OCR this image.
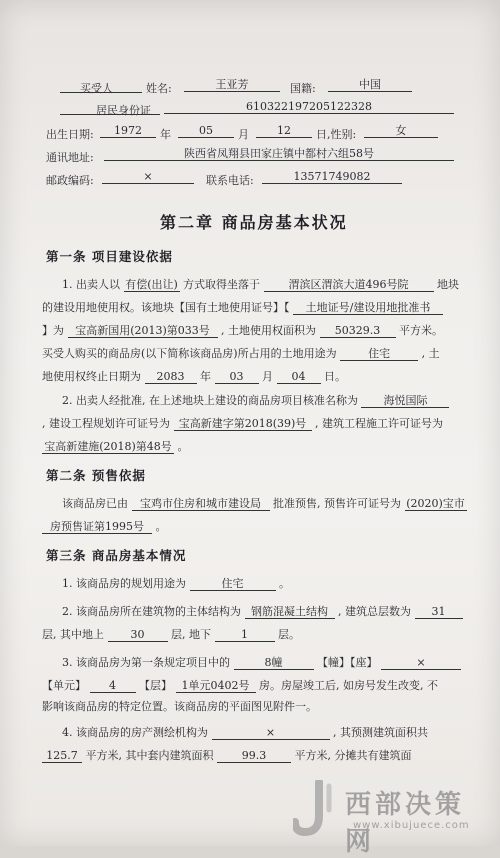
买受人	姓名:	王亚芳	国籍:	中国
居民身份证	610322197205122328
出生日期:	1972	年	05	月	12	日,性别:	女
通讯地址:	陕西省凤翔县田家庄镇中都村六组58号
邮政编码:	×	联系电话:	13571749082
第二章 商品房基本状况
第一条 项目建设依据
1. 出卖人以 有偿(出让) 方式取得坐落于	渭滨区渭滨大道496号院	地块
的建设用地使用权。该地块【国有土地使用证号】【 土地证号/建设用地批准书
】为 宝高新国用(2013)第033号 , 土地使用权面积为 50329.3 平方米。
买受人购买的商品房(以下简称该商品房)所占用的土地用途为	住宅	, 土
地使用权终止日期为 2083 年 03 月 04 日。
2. 出卖人经批准, 在上述地块上建设的商品房项目核准名称为 海悦国际
, 建设工程规划许可证号为 宝高新建字第2018(39)号 , 建筑工程施工许可证号为
宝高新建施(2018)第48号 。
第二条 预售依据
该商品房已由 宝鸡市住房和城市建设局 批准预售, 预售许可证号为 (2020)宝市
房预售证第1995号 。
第三条 商品房基本情况
1. 该商品房的规划用途为	住宅	。
2. 该商品房所在建筑物的主体结构为 钢筋混凝土结构 , 建筑总层数为 31
层, 其中地上 30 层, 地下	1	层。
3. 该商品房为第一条规定项目中的	8幢	【幢】【座】	×
【单元】 4 【层】 1单元0402号 房。房屋竣工后, 如房号发生改变, 不
影响该商品房的特定位置。该商品房的平面图见附件一。
4. 该商品房的房产测绘机构为	×	, 其预测建筑面积共
125.7 平方米, 其中套内建筑面积	99.3	平方米, 分摊共有建筑面
西部决策网
www.xibujuece.com
